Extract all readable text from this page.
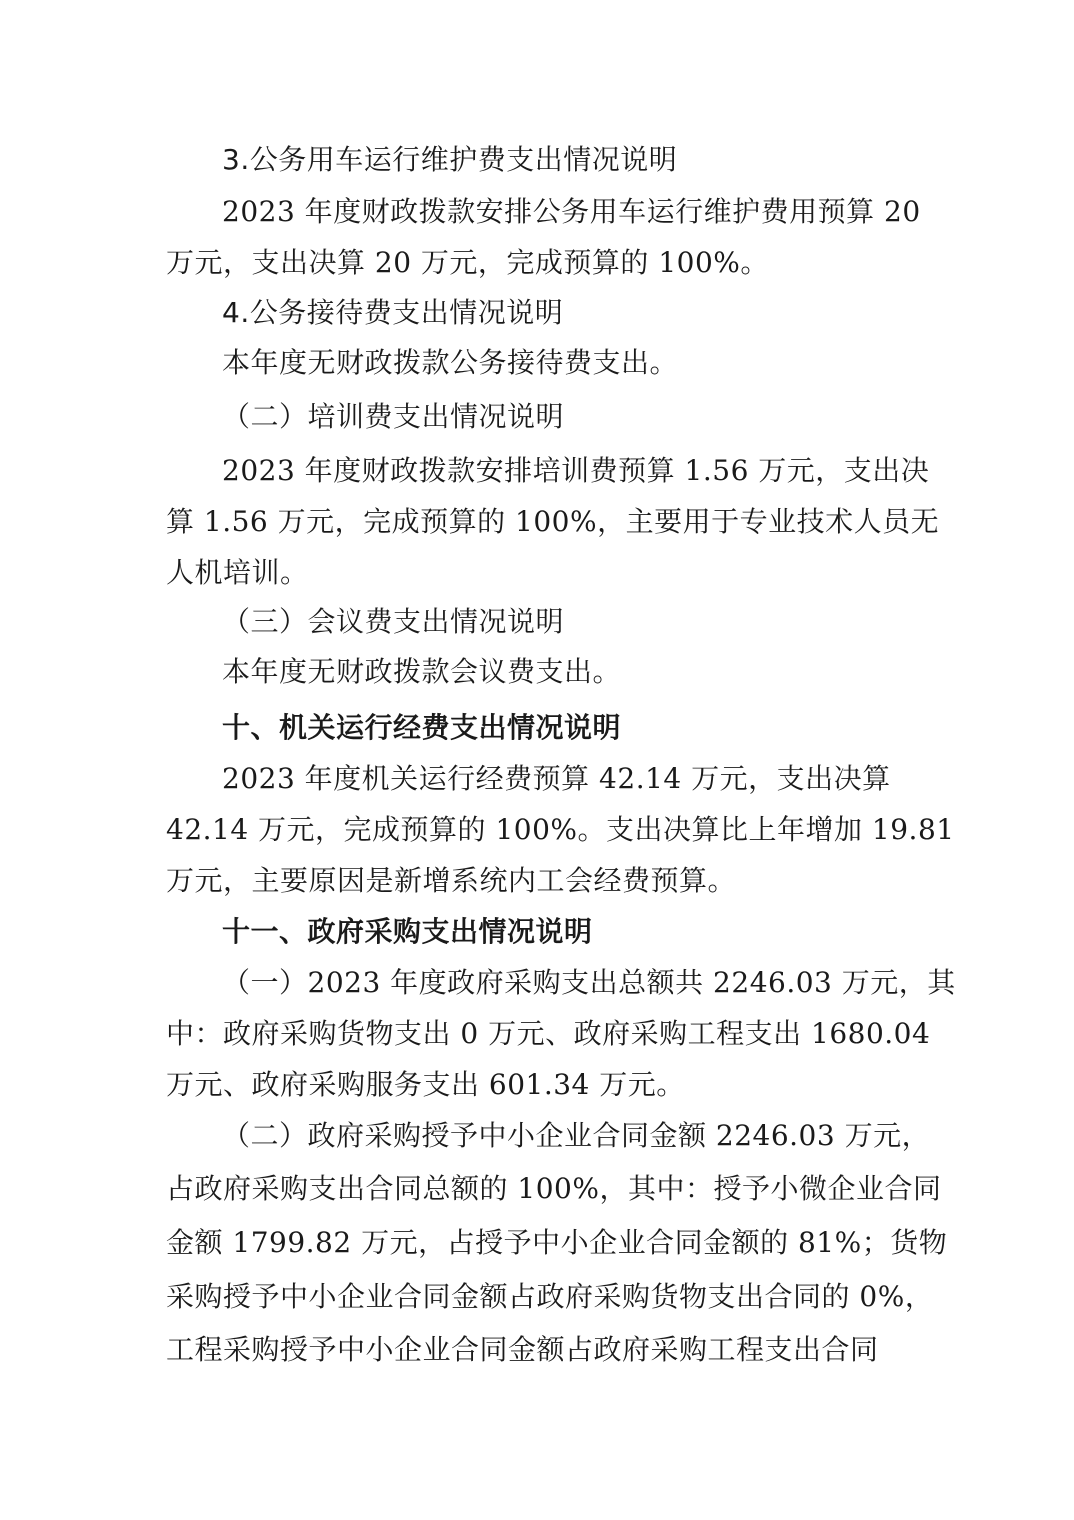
3.公务用车运行维护费支出情况说明
2023 年度财政拨款安排公务用车运行维护费用预算 20
万元，支出决算 20 万元，完成预算的 100%。
4.公务接待费支出情况说明
本年度无财政拨款公务接待费支出。
（二）培训费支出情况说明
2023 年度财政拨款安排培训费预算 1.56 万元，支出决
算 1.56 万元，完成预算的 100%，主要用于专业技术人员无
人机培训。
（三）会议费支出情况说明
本年度无财政拨款会议费支出。
十、机关运行经费支出情况说明
2023 年度机关运行经费预算 42.14 万元，支出决算
42.14 万元，完成预算的 100%。支出决算比上年增加 19.81
万元，主要原因是新增系统内工会经费预算。
十一、政府采购支出情况说明
（一）2023 年度政府采购支出总额共 2246.03 万元，其
中：政府采购货物支出 0 万元、政府采购工程支出 1680.04
万元、政府采购服务支出 601.34 万元。
（二）政府采购授予中小企业合同金额 2246.03 万元，
占政府采购支出合同总额的 100%，其中：授予小微企业合同
金额 1799.82 万元，占授予中小企业合同金额的 81%；货物
采购授予中小企业合同金额占政府采购货物支出合同的 0%，
工程采购授予中小企业合同金额占政府采购工程支出合同
